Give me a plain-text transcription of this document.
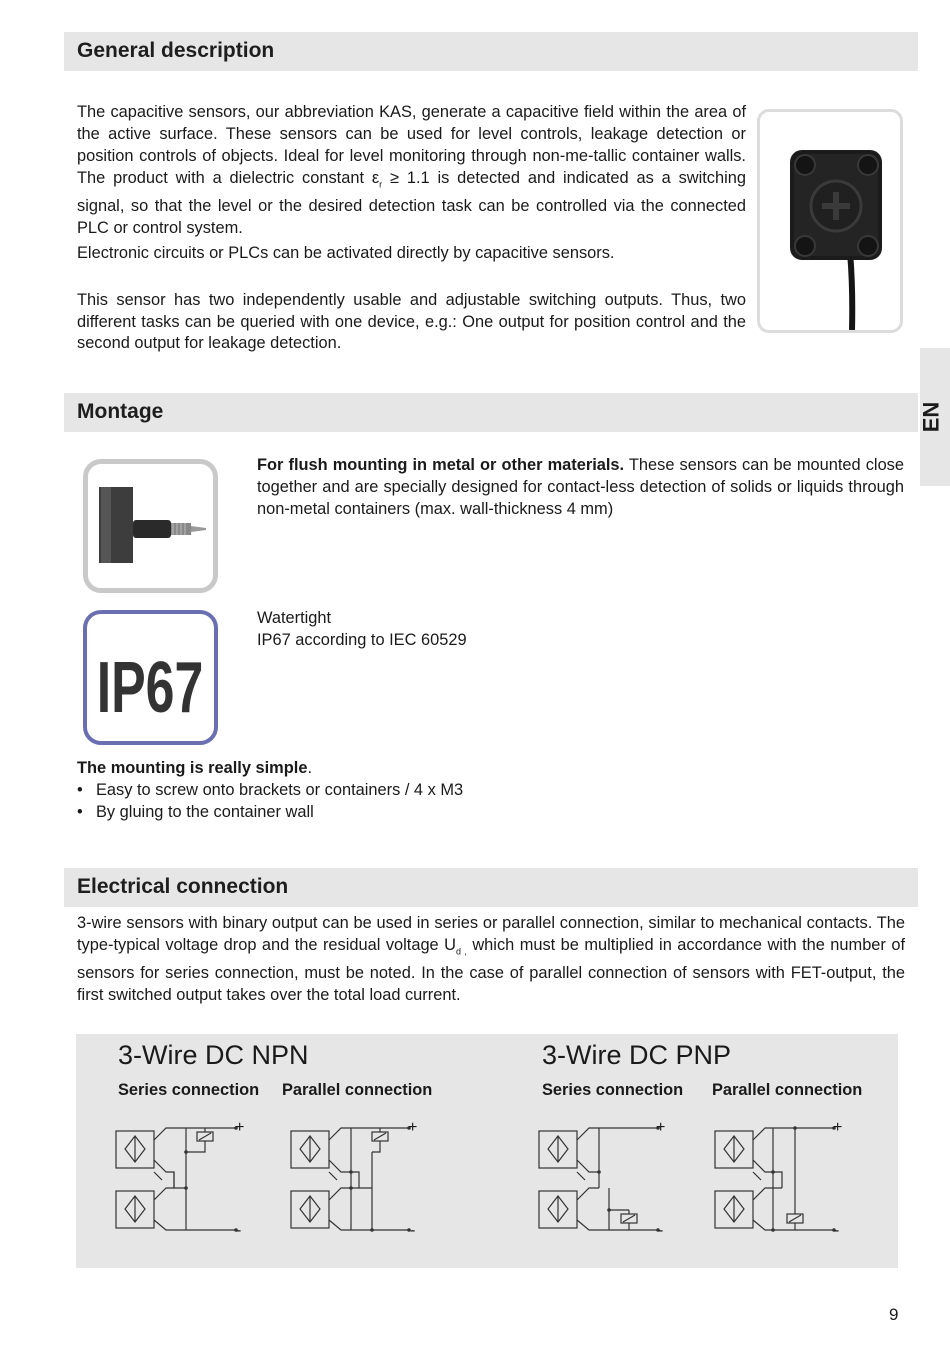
General description

The capacitive sensors, our abbreviation KAS, generate a capacitive field within the area of the active surface. These sensors can be used for level controls, leakage detection or position controls of objects. Ideal for level monitoring through non-me-tallic container walls. The product with a dielectric constant $\varepsilon_r \ge 1.1$ is detected and indicated as a switching signal, so that the level or the desired detection task can be controlled via the connected PLC or control system.

Electronic circuits or PLCs can be activated directly by capacitive sensors.

This sensor has two independently usable and adjustable switching outputs. Thus, two different tasks can be queried with one device, e.g.: One output for position control and the second output for leakage detection.

EN
Montage

For flush mounting in metal or other materials. These sensors can be mounted close together and are specially designed for contact-less detection of solids or liquids through non-metal containers (max. wall-thickness 4 mm)

IP67

Watertight

IP67 according to IEC 60529

The mounting is really simple.

• Easy to screw onto brackets or containers / 4 x M3

• By gluing to the container wall

Electrical connection

3-wire sensors with binary output can be used in series or parallel connection, similar to mechanical contacts. The type-typical voltage drop and the residual voltage $U_{d ,}$ which must be multiplied in accordance with the number of sensors for series connection, must be noted. In the case of parallel connection of sensors with FET-output, the first switched output takes over the total load current.

3-Wire DC NPN	3-Wire DC PNP
Series connection Parallel connection	Series connection Parallel connection
+
-
+
-
+
-
+
-
9
